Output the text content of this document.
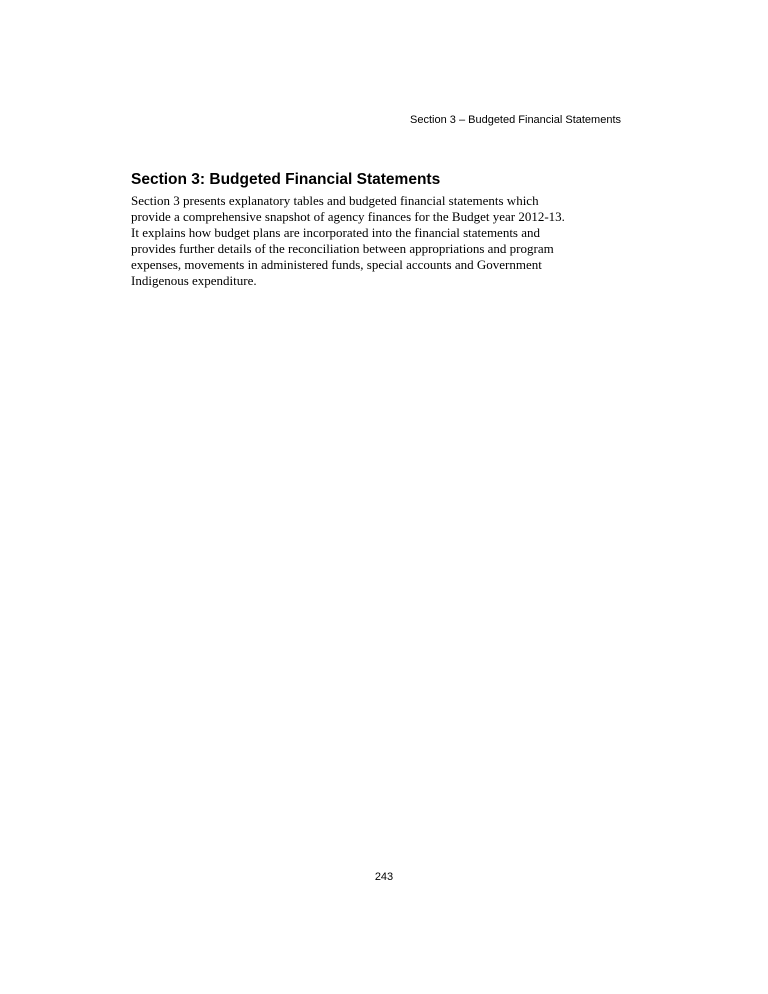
Section 3 – Budgeted Financial Statements
Section 3: Budgeted Financial Statements
Section 3 presents explanatory tables and budgeted financial statements which
provide a comprehensive snapshot of agency finances for the Budget year 2012-13.
It explains how budget plans are incorporated into the financial statements and
provides further details of the reconciliation between appropriations and program
expenses, movements in administered funds, special accounts and Government
Indigenous expenditure.
243
